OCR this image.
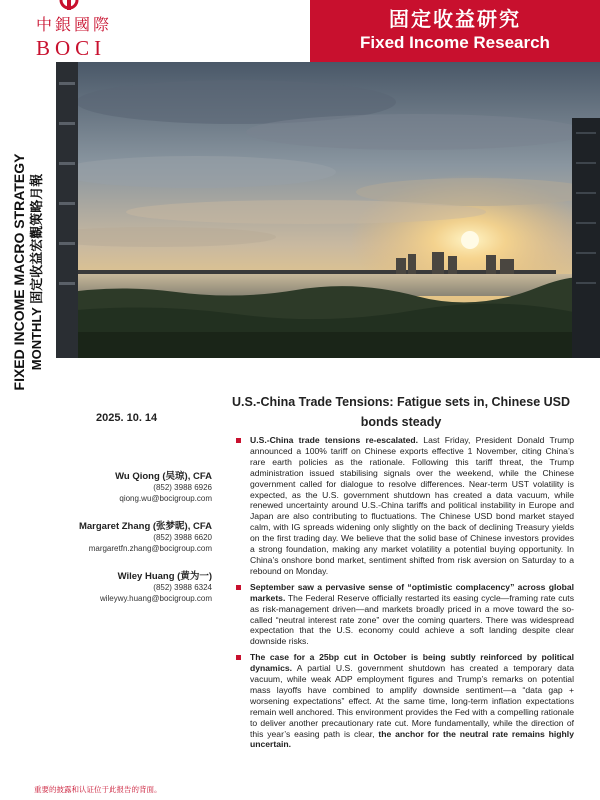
中銀國際
BOCI
固定收益研究
Fixed Income Research
FIXED INCOME MACRO STRATEGY MONTHLY 固定收益宏觀策略月報
2025. 10. 14
Wu Qiong (吴琼), CFA
(852) 3988 6926
qiong.wu@bocigroup.com
Margaret Zhang (张梦昵), CFA
(852) 3988 6620
margaretfn.zhang@bocigroup.com
Wiley Huang (黄为一)
(852) 3988 6324
wileywy.huang@bocigroup.com
U.S.-China Trade Tensions: Fatigue sets in, Chinese USD bonds steady
U.S.-China trade tensions re-escalated. Last Friday, President Donald Trump announced a 100% tariff on Chinese exports effective 1 November, citing China’s rare earth policies as the rationale. Following this tariff threat, the Trump administration issued stabilising signals over the weekend, while the Chinese government called for dialogue to resolve differences. Near-term UST volatility is expected, as the U.S. government shutdown has created a data vacuum, while renewed uncertainty around U.S.-China tariffs and political instability in Europe and Japan are also contributing to fluctuations. The Chinese USD bond market stayed calm, with IG spreads widening only slightly on the back of declining Treasury yields on the first trading day. We believe that the solid base of Chinese investors provides a strong foundation, making any market volatility a potential buying opportunity. In China’s onshore bond market, sentiment shifted from risk aversion on Saturday to a rebound on Monday.
September saw a pervasive sense of “optimistic complacency” across global markets. The Federal Reserve officially restarted its easing cycle—framing rate cuts as risk-management driven—and markets broadly priced in a move toward the so-called “neutral interest rate zone” over the coming quarters. There was widespread expectation that the U.S. economy could achieve a soft landing despite clear downside risks.
The case for a 25bp cut in October is being subtly reinforced by political dynamics. A partial U.S. government shutdown has created a temporary data vacuum, while weak ADP employment figures and Trump’s remarks on potential mass layoffs have combined to amplify downside sentiment—a “data gap + worsening expectations” effect. At the same time, long-term inflation expectations remain well anchored. This environment provides the Fed with a compelling rationale to deliver another precautionary rate cut. More fundamentally, while the direction of this year’s easing path is clear, the anchor for the neutral rate remains highly uncertain.
重要的披露和认证位于此报告的背面。
